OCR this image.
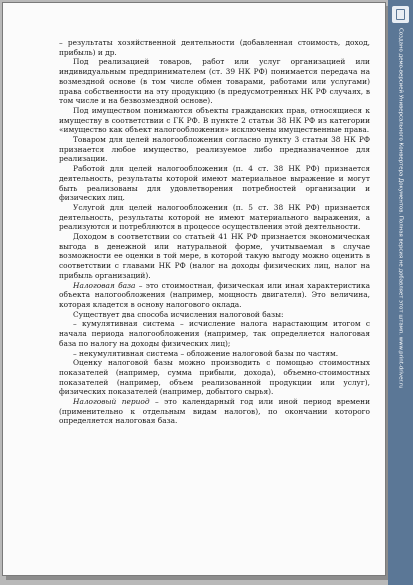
– результаты хозяйственной деятельности (добавленная стоимость, доход, прибыль) и др.

Под реализацией товаров, работ или услуг организацией или индивидуальным предпринимателем (ст. 39 НК РФ) понимается передача на возмездной основе (в том числе обмен товарами, работами или услугами) права собственности на эту продукцию (в предусмотренных НК РФ случаях, в том числе и на безвозмездной основе).

Под имуществом понимаются объекты гражданских прав, относящиеся к имуществу в соответствии с ГК РФ. В пункте 2 статьи 38 НК РФ из категории «имущество как объект налогообложения» исключены имущественные права.

Товаром для целей налогообложения согласно пункту 3 статьи 38 НК РФ признается любое имущество, реализуемое либо предназначенное для реализации.

Работой для целей налогообложения (п. 4 ст. 38 НК РФ) признается деятельность, результаты которой имеют материальное выражение и могут быть реализованы для удовлетворения потребностей организации и физических лиц.

Услугой для целей налогообложения (п. 5 ст. 38 НК РФ) признается деятельность, результаты которой не имеют материального выражения, а реализуются и потребляются в процессе осуществления этой деятельности.

Доходом в соответствии со статьей 41 НК РФ признается экономическая выгода в денежной или натуральной форме, учитываемая в случае возможности ее оценки в той мере, в которой такую выгоду можно оценить в соответствии с главами НК РФ (налог на доходы физических лиц, налог на прибыль организаций).

Налоговая база – это стоимостная, физическая или иная характеристика объекта налогообложения (например, мощность двигателя). Это величина, которая кладется в основу налогового оклада.

Существует два способа исчисления налоговой базы:

– кумулятивная система – исчисление налога нарастающим итогом с начала периода налогообложения (например, так определяется налоговая база по налогу на доходы физических лиц);

– некумулятивная система – обложение налоговой базы по частям.

Оценку налоговой базы можно производить с помощью стоимостных показателей (например, сумма прибыли, дохода), объемно-стоимостных показателей (например, объем реализованной продукции или услуг), физических показателей (например, добытого сырья).

Налоговый период – это календарный год или иной период времени (применительно к отдельным видам налогов), по окончании которого определяется налоговая база.

Создано демо-версией Универсального Конвертера Документов. Полная версия не добавляет этот штамп. www.print-driver.ru
